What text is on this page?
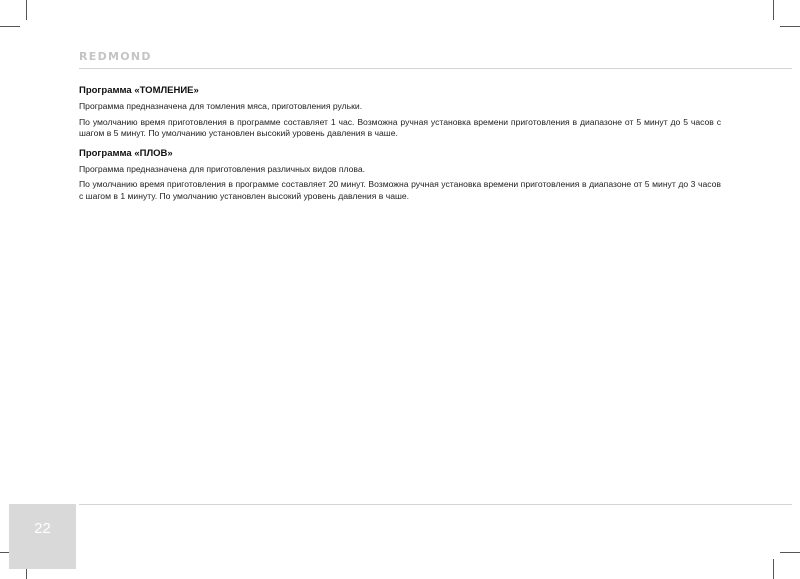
REDMOND
Программа «ТОМЛЕНИЕ»

Программа предназначена для томления мяса, приготовления рульки.

По умолчанию время приготовления в программе составляет 1 час. Возможна ручная установка времени приготовления в диапазоне от 5 минут до 5 часов с шагом в 5 минут. По умолчанию установлен высокий уровень давления в чаше.

Программа «ПЛОВ»

Программа предназначена для приготовления различных видов плова.

По умолчанию время приготовления в программе составляет 20 минут. Возможна ручная установка времени приготовления в диапазоне от 5 минут до 3 часов с шагом в 1 минуту. По умолчанию установлен высокий уровень давления в чаше.

22
